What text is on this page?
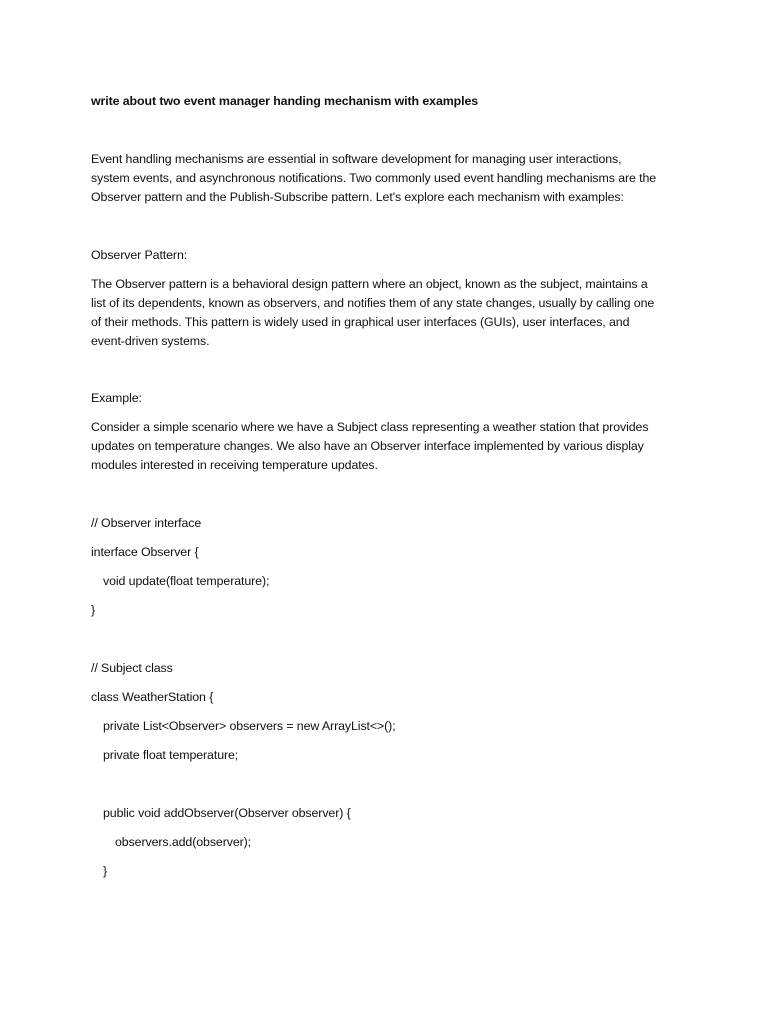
write about two event manager handing mechanism with examples
Event handling mechanisms are essential in software development for managing user interactions,
system events, and asynchronous notifications. Two commonly used event handling mechanisms are the
Observer pattern and the Publish-Subscribe pattern. Let's explore each mechanism with examples:
Observer Pattern:
The Observer pattern is a behavioral design pattern where an object, known as the subject, maintains a
list of its dependents, known as observers, and notifies them of any state changes, usually by calling one
of their methods. This pattern is widely used in graphical user interfaces (GUIs), user interfaces, and
event-driven systems.
Example:
Consider a simple scenario where we have a Subject class representing a weather station that provides
updates on temperature changes. We also have an Observer interface implemented by various display
modules interested in receiving temperature updates.
// Observer interface
interface Observer {
void update(float temperature);
}
// Subject class
class WeatherStation {
private List<Observer> observers = new ArrayList<>();
private float temperature;
public void addObserver(Observer observer) {
observers.add(observer);
}
